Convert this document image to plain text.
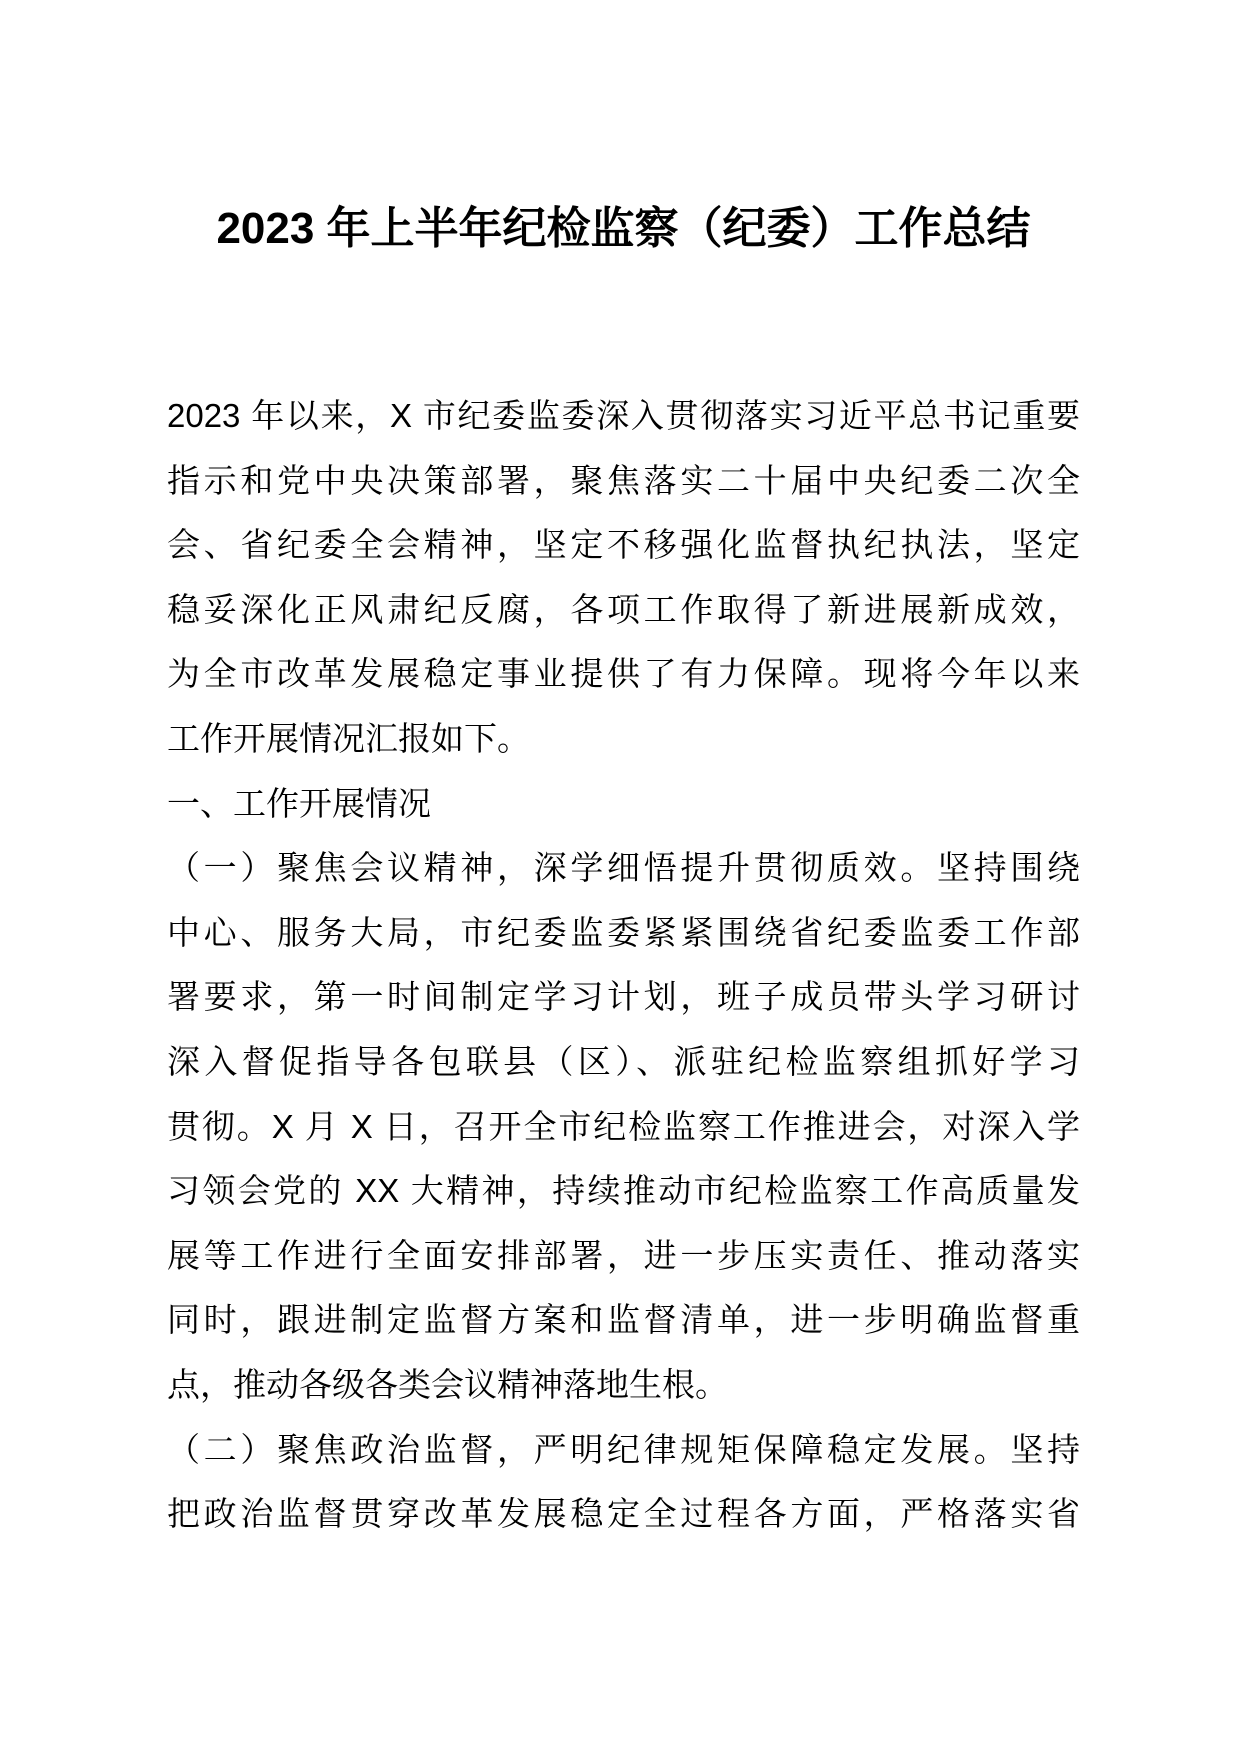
2023 年上半年纪检监察（纪委）工作总结
2023 年以来，X 市纪委监委深入贯彻落实习近平总书记重要
指示和党中央决策部署，聚焦落实二十届中央纪委二次全
会、省纪委全会精神，坚定不移强化监督执纪执法，坚定
稳妥深化正风肃纪反腐，各项工作取得了新进展新成效，
为全市改革发展稳定事业提供了有力保障。现将今年以来
工作开展情况汇报如下。
一、工作开展情况
（一）聚焦会议精神，深学细悟提升贯彻质效。坚持围绕
中心、服务大局，市纪委监委紧紧围绕省纪委监委工作部
署要求，第一时间制定学习计划，班子成员带头学习研讨
深入督促指导各包联县（区）、派驻纪检监察组抓好学习
贯彻。X 月 X 日，召开全市纪检监察工作推进会，对深入学
习领会党的 XX 大精神，持续推动市纪检监察工作高质量发
展等工作进行全面安排部署，进一步压实责任、推动落实
同时，跟进制定监督方案和监督清单，进一步明确监督重
点，推动各级各类会议精神落地生根。
（二）聚焦政治监督，严明纪律规矩保障稳定发展。坚持
把政治监督贯穿改革发展稳定全过程各方面，严格落实省
